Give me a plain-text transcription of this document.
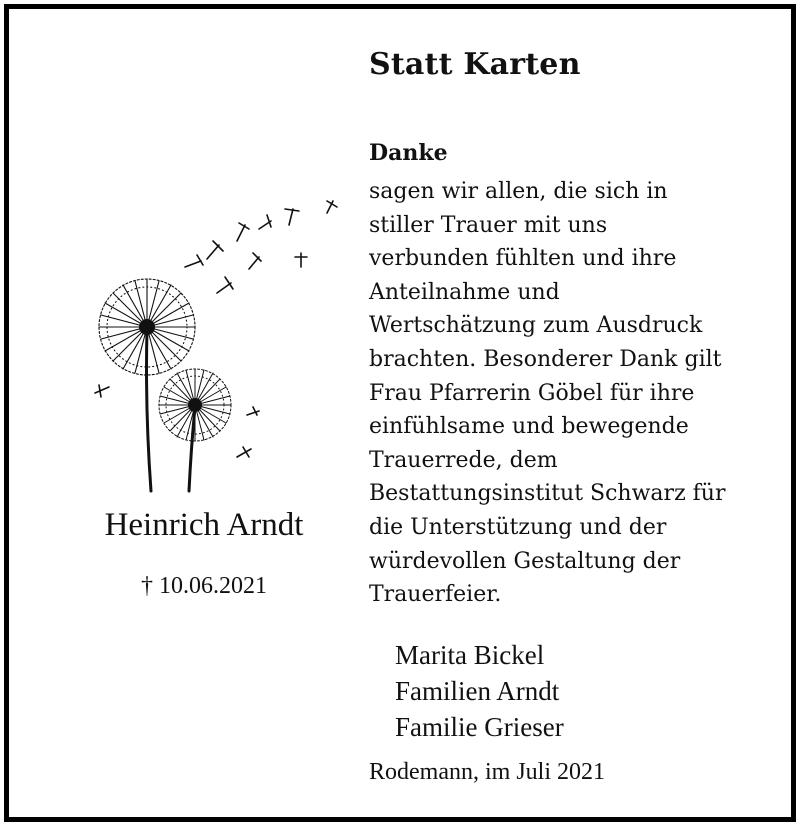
Heinrich Arndt
† 10.06.2021
Statt Karten
Danke
sagen wir allen, die sich in
stiller Trauer mit uns
verbunden fühlten und ihre
Anteilnahme und
Wertschätzung zum Ausdruck
brachten. Besonderer Dank gilt
Frau Pfarrerin Göbel für ihre
einfühlsame und bewegende
Trauerrede, dem
Bestattungsinstitut Schwarz für
die Unterstützung und der
würdevollen Gestaltung der
Trauerfeier.
Marita Bickel
Familien Arndt
Familie Grieser
Rodemann, im Juli 2021
